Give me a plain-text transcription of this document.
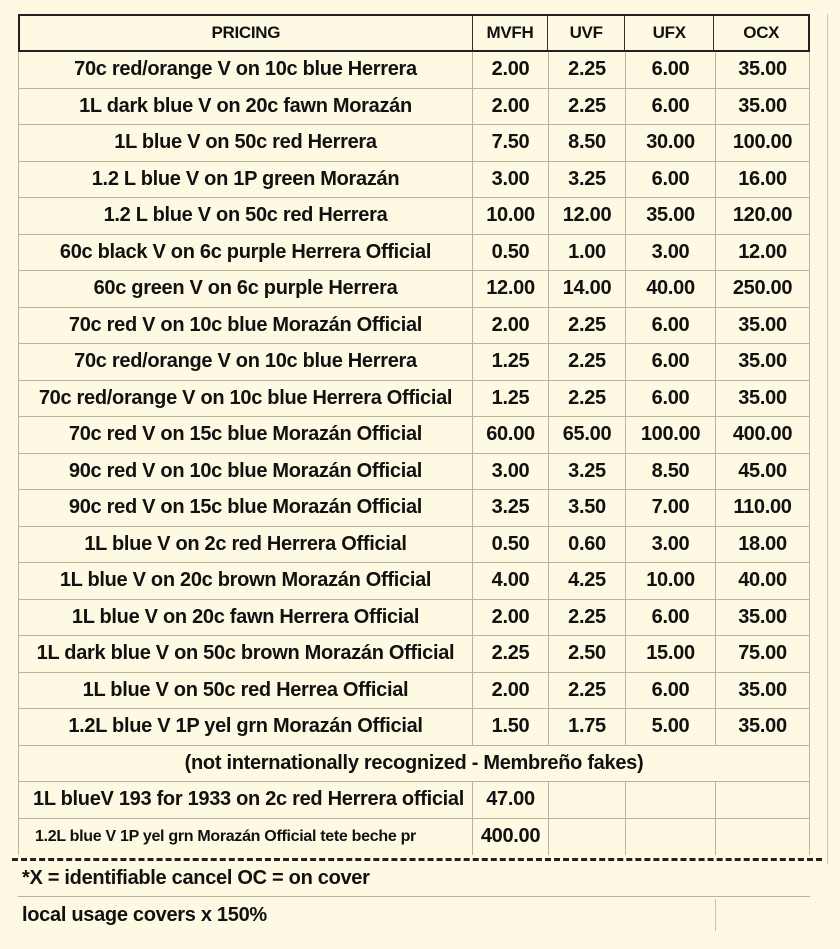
PRICING	MVFH	UVF	UFX	OCX
70c red/orange V on 10c blue Herrera	2.00	2.25	6.00	35.00
1L dark blue V on 20c fawn Morazán	2.00	2.25	6.00	35.00
1L blue V on 50c red Herrera	7.50	8.50	30.00	100.00
1.2 L blue V on 1P green Morazán	3.00	3.25	6.00	16.00
1.2 L blue V on 50c red Herrera	10.00	12.00	35.00	120.00
60c black V on 6c purple Herrera Official	0.50	1.00	3.00	12.00
60c green V on 6c purple Herrera	12.00	14.00	40.00	250.00
70c red V on 10c blue Morazán Official	2.00	2.25	6.00	35.00
70c red/orange V on 10c blue Herrera	1.25	2.25	6.00	35.00
70c red/orange V on 10c blue Herrera Official	1.25	2.25	6.00	35.00
70c red V on 15c blue Morazán Official	60.00	65.00	100.00	400.00
90c red V on 10c blue Morazán Official	3.00	3.25	8.50	45.00
90c red V on 15c blue Morazán Official	3.25	3.50	7.00	110.00
1L blue V on 2c red Herrera Official	0.50	0.60	3.00	18.00
1L blue V on 20c brown Morazán Official	4.00	4.25	10.00	40.00
1L blue V on 20c fawn Herrera Official	2.00	2.25	6.00	35.00
1L dark blue V on 50c brown Morazán Official	2.25	2.50	15.00	75.00
1L blue V on 50c red Herrea Official	2.00	2.25	6.00	35.00
1.2L blue V 1P yel grn Morazán Official	1.50	1.75	5.00	35.00
(not internationally recognized - Membreño fakes)
1L blueV 193 for 1933 on 2c red Herrera official	47.00
1.2L blue V 1P yel grn Morazán Official tete beche pr	400.00
*X = identifiable cancel OC = on cover
local usage covers x 150%
